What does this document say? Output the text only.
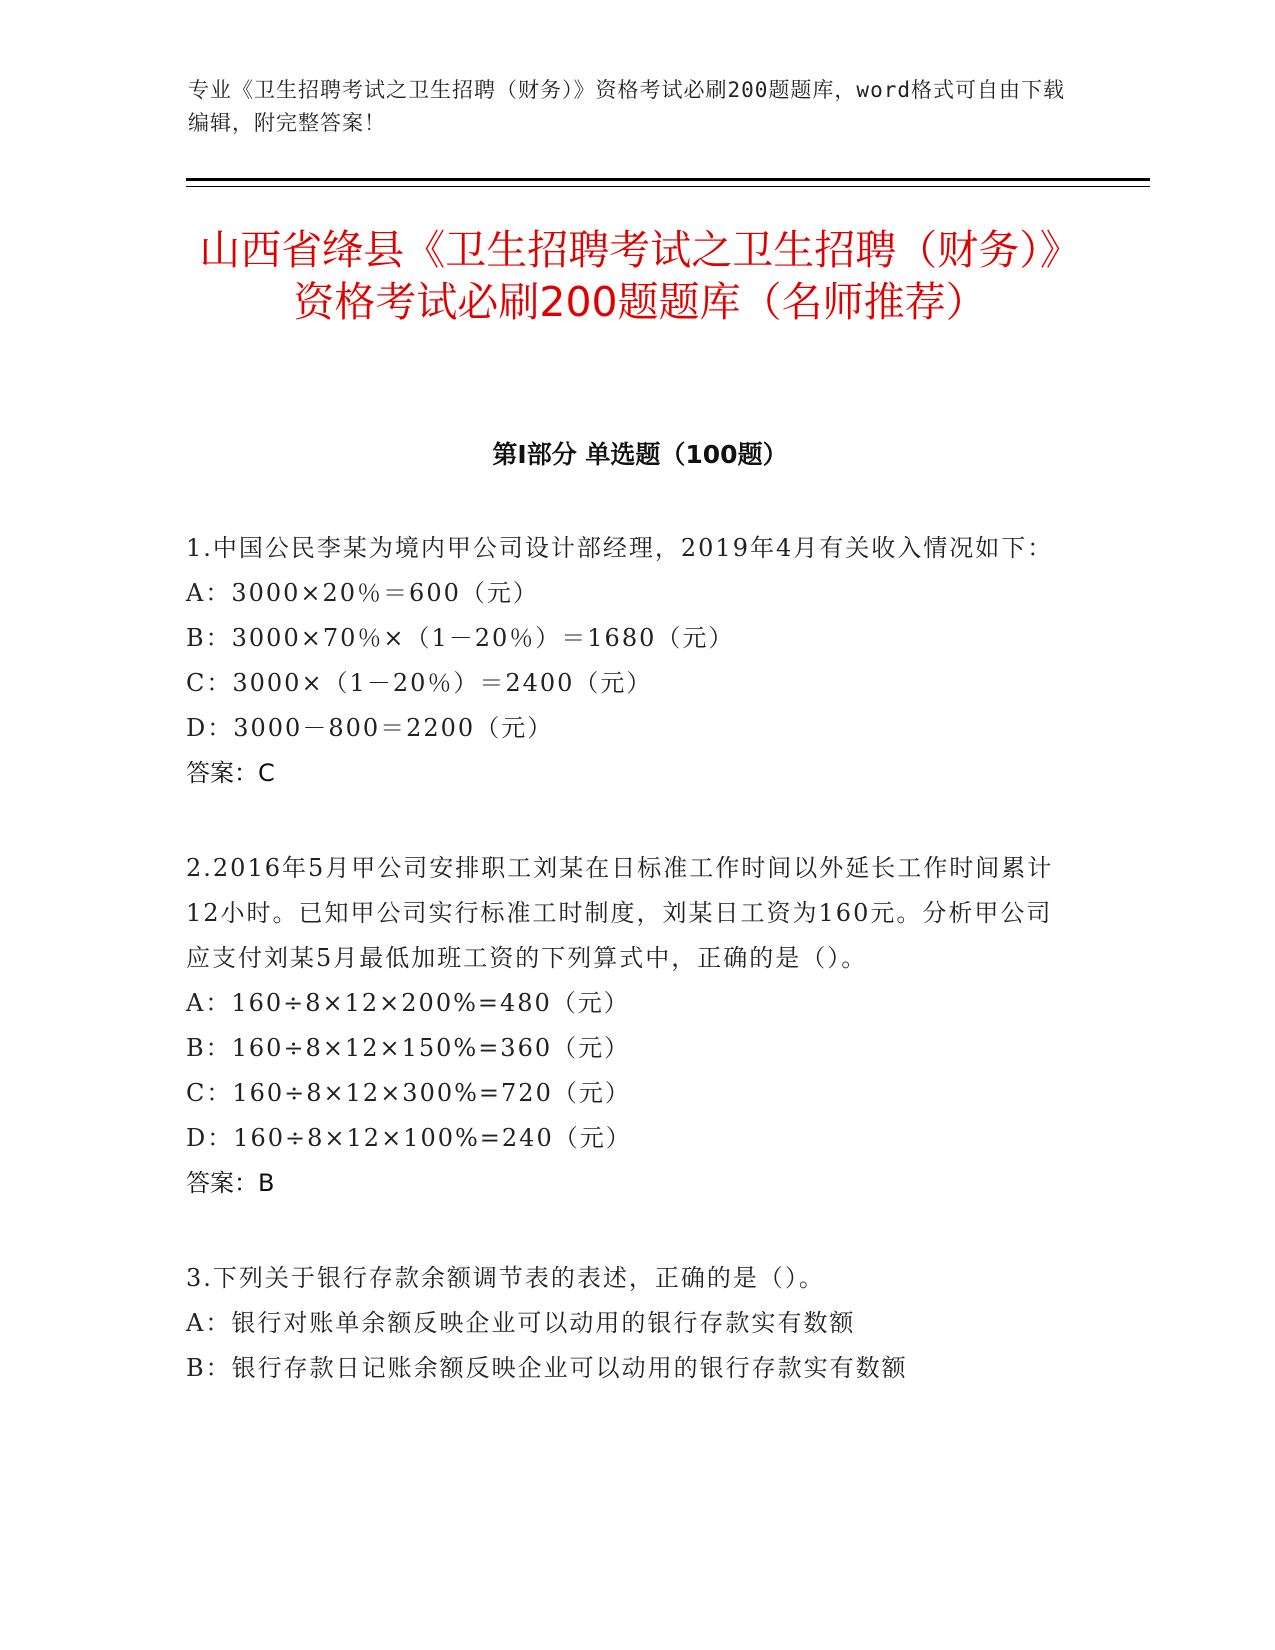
专业《卫生招聘考试之卫生招聘（财务）》资格考试必刷200题题库，word格式可自由下载编辑，附完整答案！
山西省绛县《卫生招聘考试之卫生招聘（财务）》资格考试必刷200题题库（名师推荐）
第Ⅰ部分 单选题（100题）

1.中国公民李某为境内甲公司设计部经理，2019年4月有关收入情况如下：

A：3000×20％＝600（元）

B：3000×70％×（1－20％）＝1680（元）

C：3000×（1－20％）＝2400（元）

D：3000－800＝2200（元）

答案：C

2.2016年5月甲公司安排职工刘某在日标准工作时间以外延长工作时间累计12小时。已知甲公司实行标准工时制度，刘某日工资为160元。分析甲公司应支付刘某5月最低加班工资的下列算式中，正确的是（）。

A：160÷8×12×200%=480（元）

B：160÷8×12×150%=360（元）

C：160÷8×12×300%=720（元）

D：160÷8×12×100%=240（元）

答案：B

3.下列关于银行存款余额调节表的表述，正确的是（）。

A：银行对账单余额反映企业可以动用的银行存款实有数额

B：银行存款日记账余额反映企业可以动用的银行存款实有数额
